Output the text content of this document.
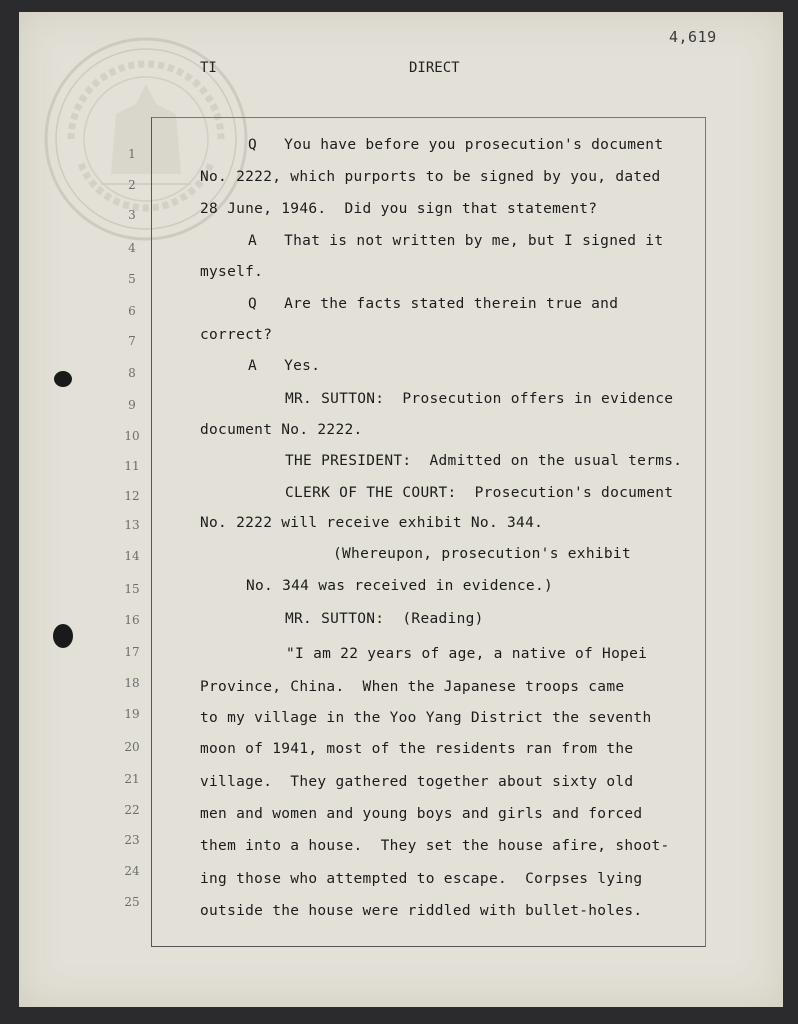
4,619
TI	DIRECT
1
2
3
4
5
6
7
8
9
10
11
12
13
14
15
16
17
18
19
20
21
22
23
24
25
Q   You have before you prosecution's document
No. 2222, which purports to be signed by you, dated
28 June, 1946.  Did you sign that statement?
A   That is not written by me, but I signed it
myself.
Q   Are the facts stated therein true and
correct?
A   Yes.
MR. SUTTON:  Prosecution offers in evidence
document No. 2222.
THE PRESIDENT:  Admitted on the usual terms.
CLERK OF THE COURT:  Prosecution's document
No. 2222 will receive exhibit No. 344.
(Whereupon, prosecution's exhibit
No. 344 was received in evidence.)
MR. SUTTON:  (Reading)
"I am 22 years of age, a native of Hopei
Province, China.  When the Japanese troops came
to my village in the Yoo Yang District the seventh
moon of 1941, most of the residents ran from the
village.  They gathered together about sixty old
men and women and young boys and girls and forced
them into a house.  They set the house afire, shoot-
ing those who attempted to escape.  Corpses lying
outside the house were riddled with bullet-holes.
